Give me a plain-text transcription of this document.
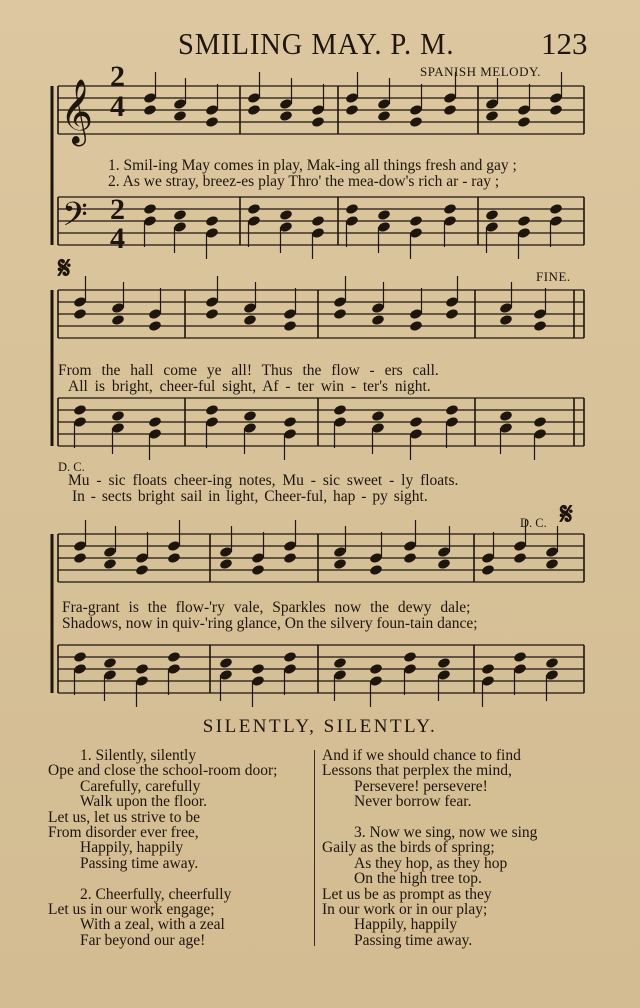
SMILING MAY. P. M.	123
SPANISH MELODY.
𝄞
𝄢
2
4
2
4
𝄋
𝄋
FINE.
D. C.
D. C.
1. Smil-ing May comes in play, Mak-ing all things fresh and gay ;
2. As we stray, breez-es play Thro' the mea-dow's rich ar - ray ;
From the hall come ye all! Thus the flow - ers call.
All is bright, cheer-ful sight, Af - ter win - ter's night.
Mu - sic floats cheer-ing notes, Mu - sic sweet - ly floats.
In - sects bright sail in light, Cheer-ful, hap - py sight.
Fra-grant is the flow-'ry vale, Sparkles now the dewy dale;
Shadows, now in quiv-'ring glance, On the silvery foun-tain dance;
SILENTLY, SILENTLY.
1. Silently, silently
Ope and close the school-room door;
Carefully, carefully
Walk upon the floor.
Let us, let us strive to be
From disorder ever free,
Happily, happily
Passing time away.
2. Cheerfully, cheerfully
Let us in our work engage;
With a zeal, with a zeal
Far beyond our age!
And if we should chance to find
Lessons that perplex the mind,
Persevere! persevere!
Never borrow fear.
3. Now we sing, now we sing
Gaily as the birds of spring;
As they hop, as they hop
On the high tree top.
Let us be as prompt as they
In our work or in our play;
Happily, happily
Passing time away.
